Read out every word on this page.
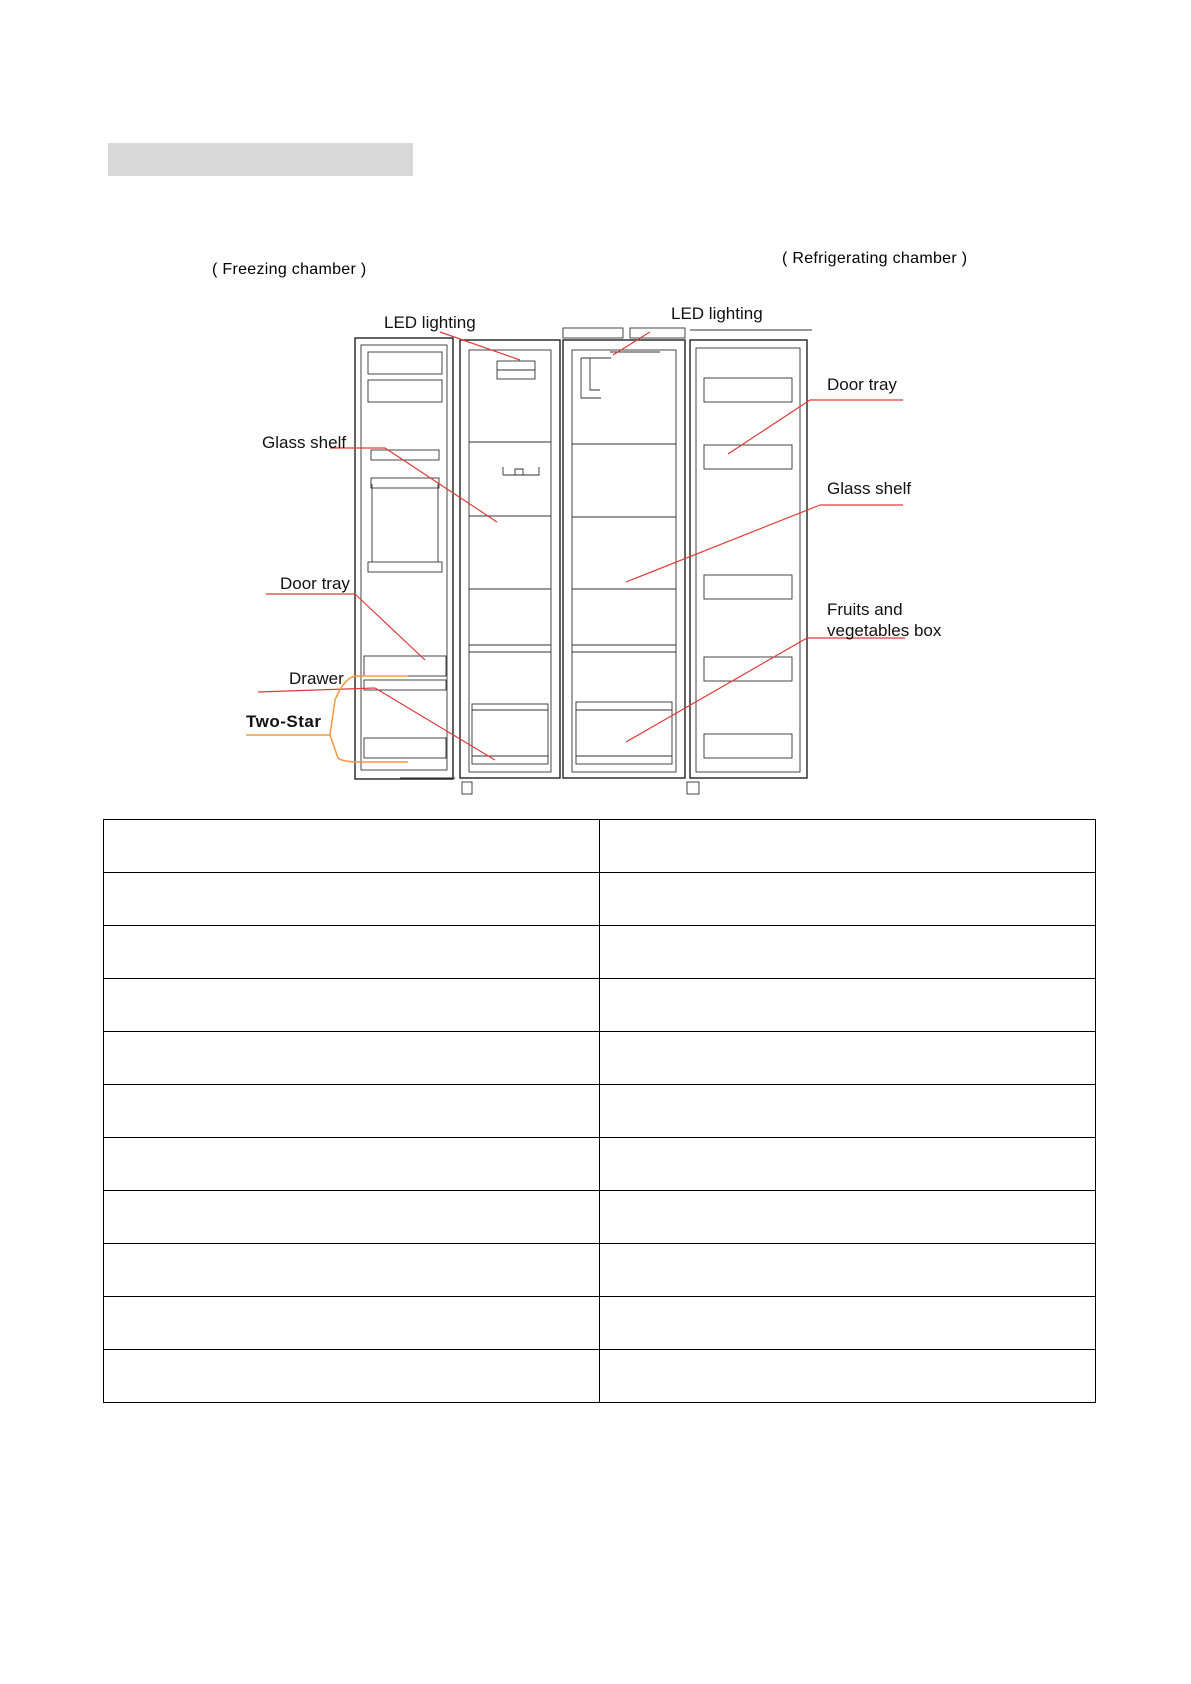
( Freezing chamber )
( Refrigerating chamber )
LED lighting	LED lighting
Glass shelf
Door tray
Glass shelf
Door tray
Drawer
Two-Star
Fruits and
vegetables box
